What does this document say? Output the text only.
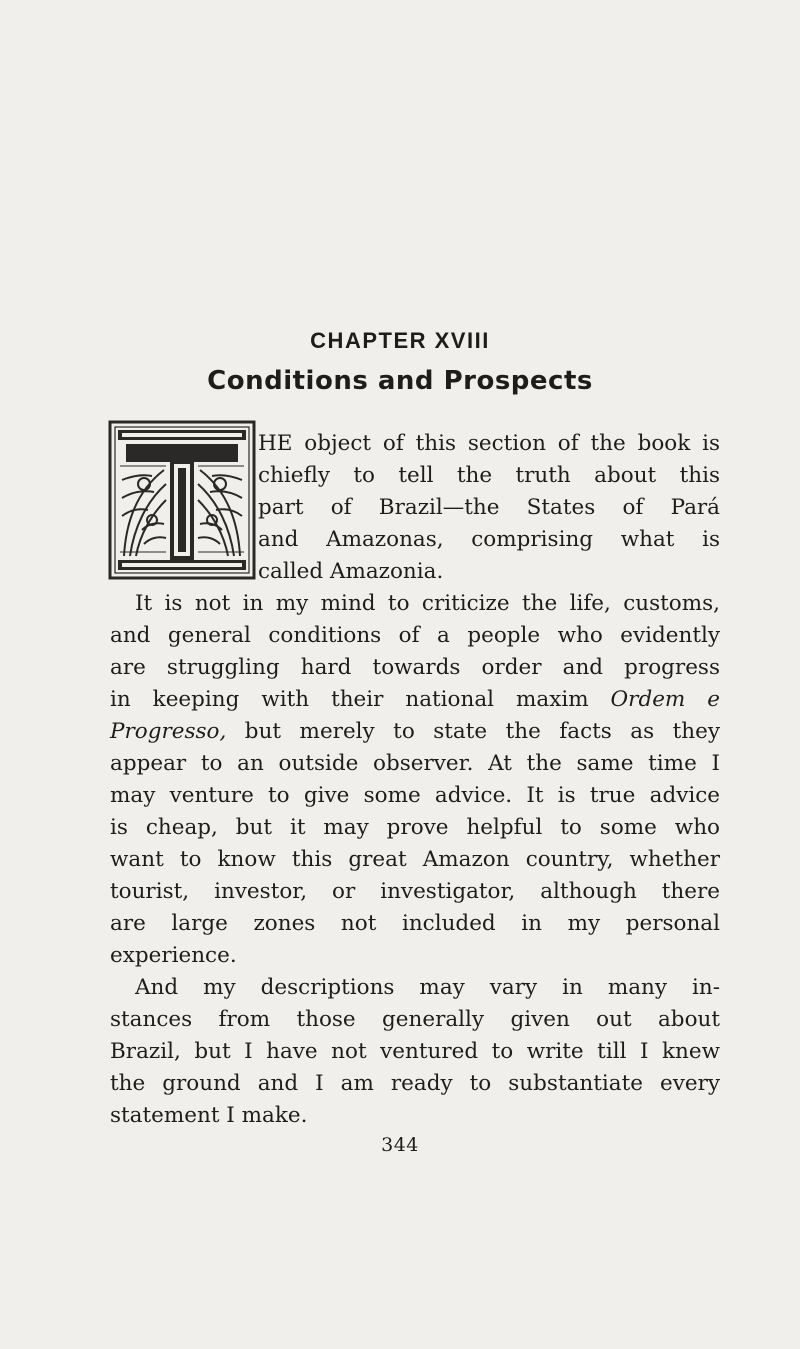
CHAPTER XVIII
Conditions and Prospects
HE object of this section of the book is
chiefly to tell the truth about this
part of Brazil—the States of Pará
and Amazonas, comprising what is
called Amazonia.
It is not in my mind to criticize the life, customs,
and general conditions of a people who evidently
are struggling hard towards order and progress
in keeping with their national maxim Ordem e
Progresso, but merely to state the facts as they
appear to an outside observer. At the same time I
may venture to give some advice. It is true advice
is cheap, but it may prove helpful to some who
want to know this great Amazon country, whether
tourist, investor, or investigator, although there
are large zones not included in my personal
experience.
And my descriptions may vary in many in-
stances from those generally given out about
Brazil, but I have not ventured to write till I knew
the ground and I am ready to substantiate every
statement I make.
344
